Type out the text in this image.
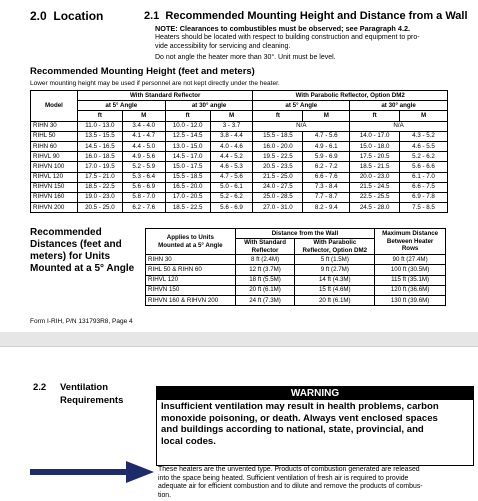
2.0 Location	2.1 Recommended Mounting Height and Distance from a Wall
NOTE: Clearances to combustibles must be observed; see Paragraph 4.2.
Heaters should be located with respect to building construction and equipment to pro-
vide accessibility for servicing and cleaning.
Do not angle the heater more than 30°. Unit must be level.
Recommended Mounting Height (feet and meters)
Lower mounting height may be used if personnel are not kept directly under the heater.
Model	With Standard Reflector				With Parabolic Reflector, Option DM2			
	at 5° Angle		at 30° angle		at 5° Angle		at 30° angle	
	ft	M	ft	M	ft	M	ft	M
RIHN 30	11.0 - 13.0	3.4 - 4.0	10.0 - 12.0	3 - 3.7	N/A		N/A	
RIHL 50	13.5 - 15.5	4.1 - 4.7	12.5 - 14.5	3.8 - 4.4	15.5 - 18.5	4.7 - 5.6	14.0 - 17.0	4.3 - 5.2
RIHN 60	14.5 - 16.5	4.4 - 5.0	13.0 - 15.0	4.0 - 4.6	16.0 - 20.0	4.9 - 6.1	15.0 - 18.0	4.6 - 5.5
RIHVL 90	16.0 - 18.5	4.9 - 5.6	14.5 - 17.0	4.4 - 5.2	19.5 - 22.5	5.9 - 6.9	17.5 - 20.5	5.2 - 6.2
RIHVN 100	17.0 - 19.5	5.2 - 5.9	15.0 - 17.5	4.6 - 5.3	20.5 - 23.5	6.2 - 7.2	18.5 - 21.5	5.6 - 6.6
RIHVL 120	17.5 - 21.0	5.3 - 6.4	15.5 - 18.5	4.7 - 5.6	21.5 - 25.0	6.6 - 7.6	20.0 - 23.0	6.1 - 7.0
RIHVN 150	18.5 - 22.5	5.6 - 6.9	16.5 - 20.0	5.0 - 6.1	24.0 - 27.5	7.3 - 8.4	21.5 - 24.5	6.6 - 7.5
RIHVN 160	19.0 - 23.0	5.8 - 7.0	17.0 - 20.5	5.2 - 6.2	25.0 - 28.5	7.7 - 8.7	22.5 - 25.5	6.9 - 7.8
RIHVN 200	20.5 - 25.0	6.2 - 7.6	18.5 - 22.5	5.6 - 6.9	27.0 - 31.0	8.2 - 9.4	24.5 - 28.0	7.5 - 8.5
Recommended
Distances (feet and
meters) for Units
Mounted at a 5° Angle
Applies to Units
Mounted at a 5° Angle	Distance from the Wall		Maximum Distance
Between Heater
Rows
	With Standard
Reflector	With Parabolic
Reflector, Option DM2	
RIHN 30	8 ft (2.4M)	5 ft (1.5M)	90 ft (27.4M)
RIHL 50 & RIHN 60	12 ft (3.7M)	9 ft (2.7M)	100 ft (30.5M)
RIHVL 120	18 ft (5.5M)	14 ft (4.3M)	115 ft (35.1M)
RIHVN 150	20 ft (6.1M)	15 ft (4.6M)	120 ft (36.6M)
RIHVN 160 & RIHVN 200	24 ft (7.3M)	20 ft (6.1M)	130 ft (39.6M)
Form I-RIH, P/N 131793R8, Page 4
2.2 Ventilation
Requirements
WARNING
Insufficient ventilation may result in health problems, carbon
monoxide poisoning, or death. Always vent enclosed spaces
and buildings according to national, state, provincial, and
local codes.
These heaters are the unvented type. Products of combustion generated are released
into the space being heated. Sufficient ventilation of fresh air is required to provide
adequate air for efficient combustion and to dilute and remove the products of combus-
tion.
